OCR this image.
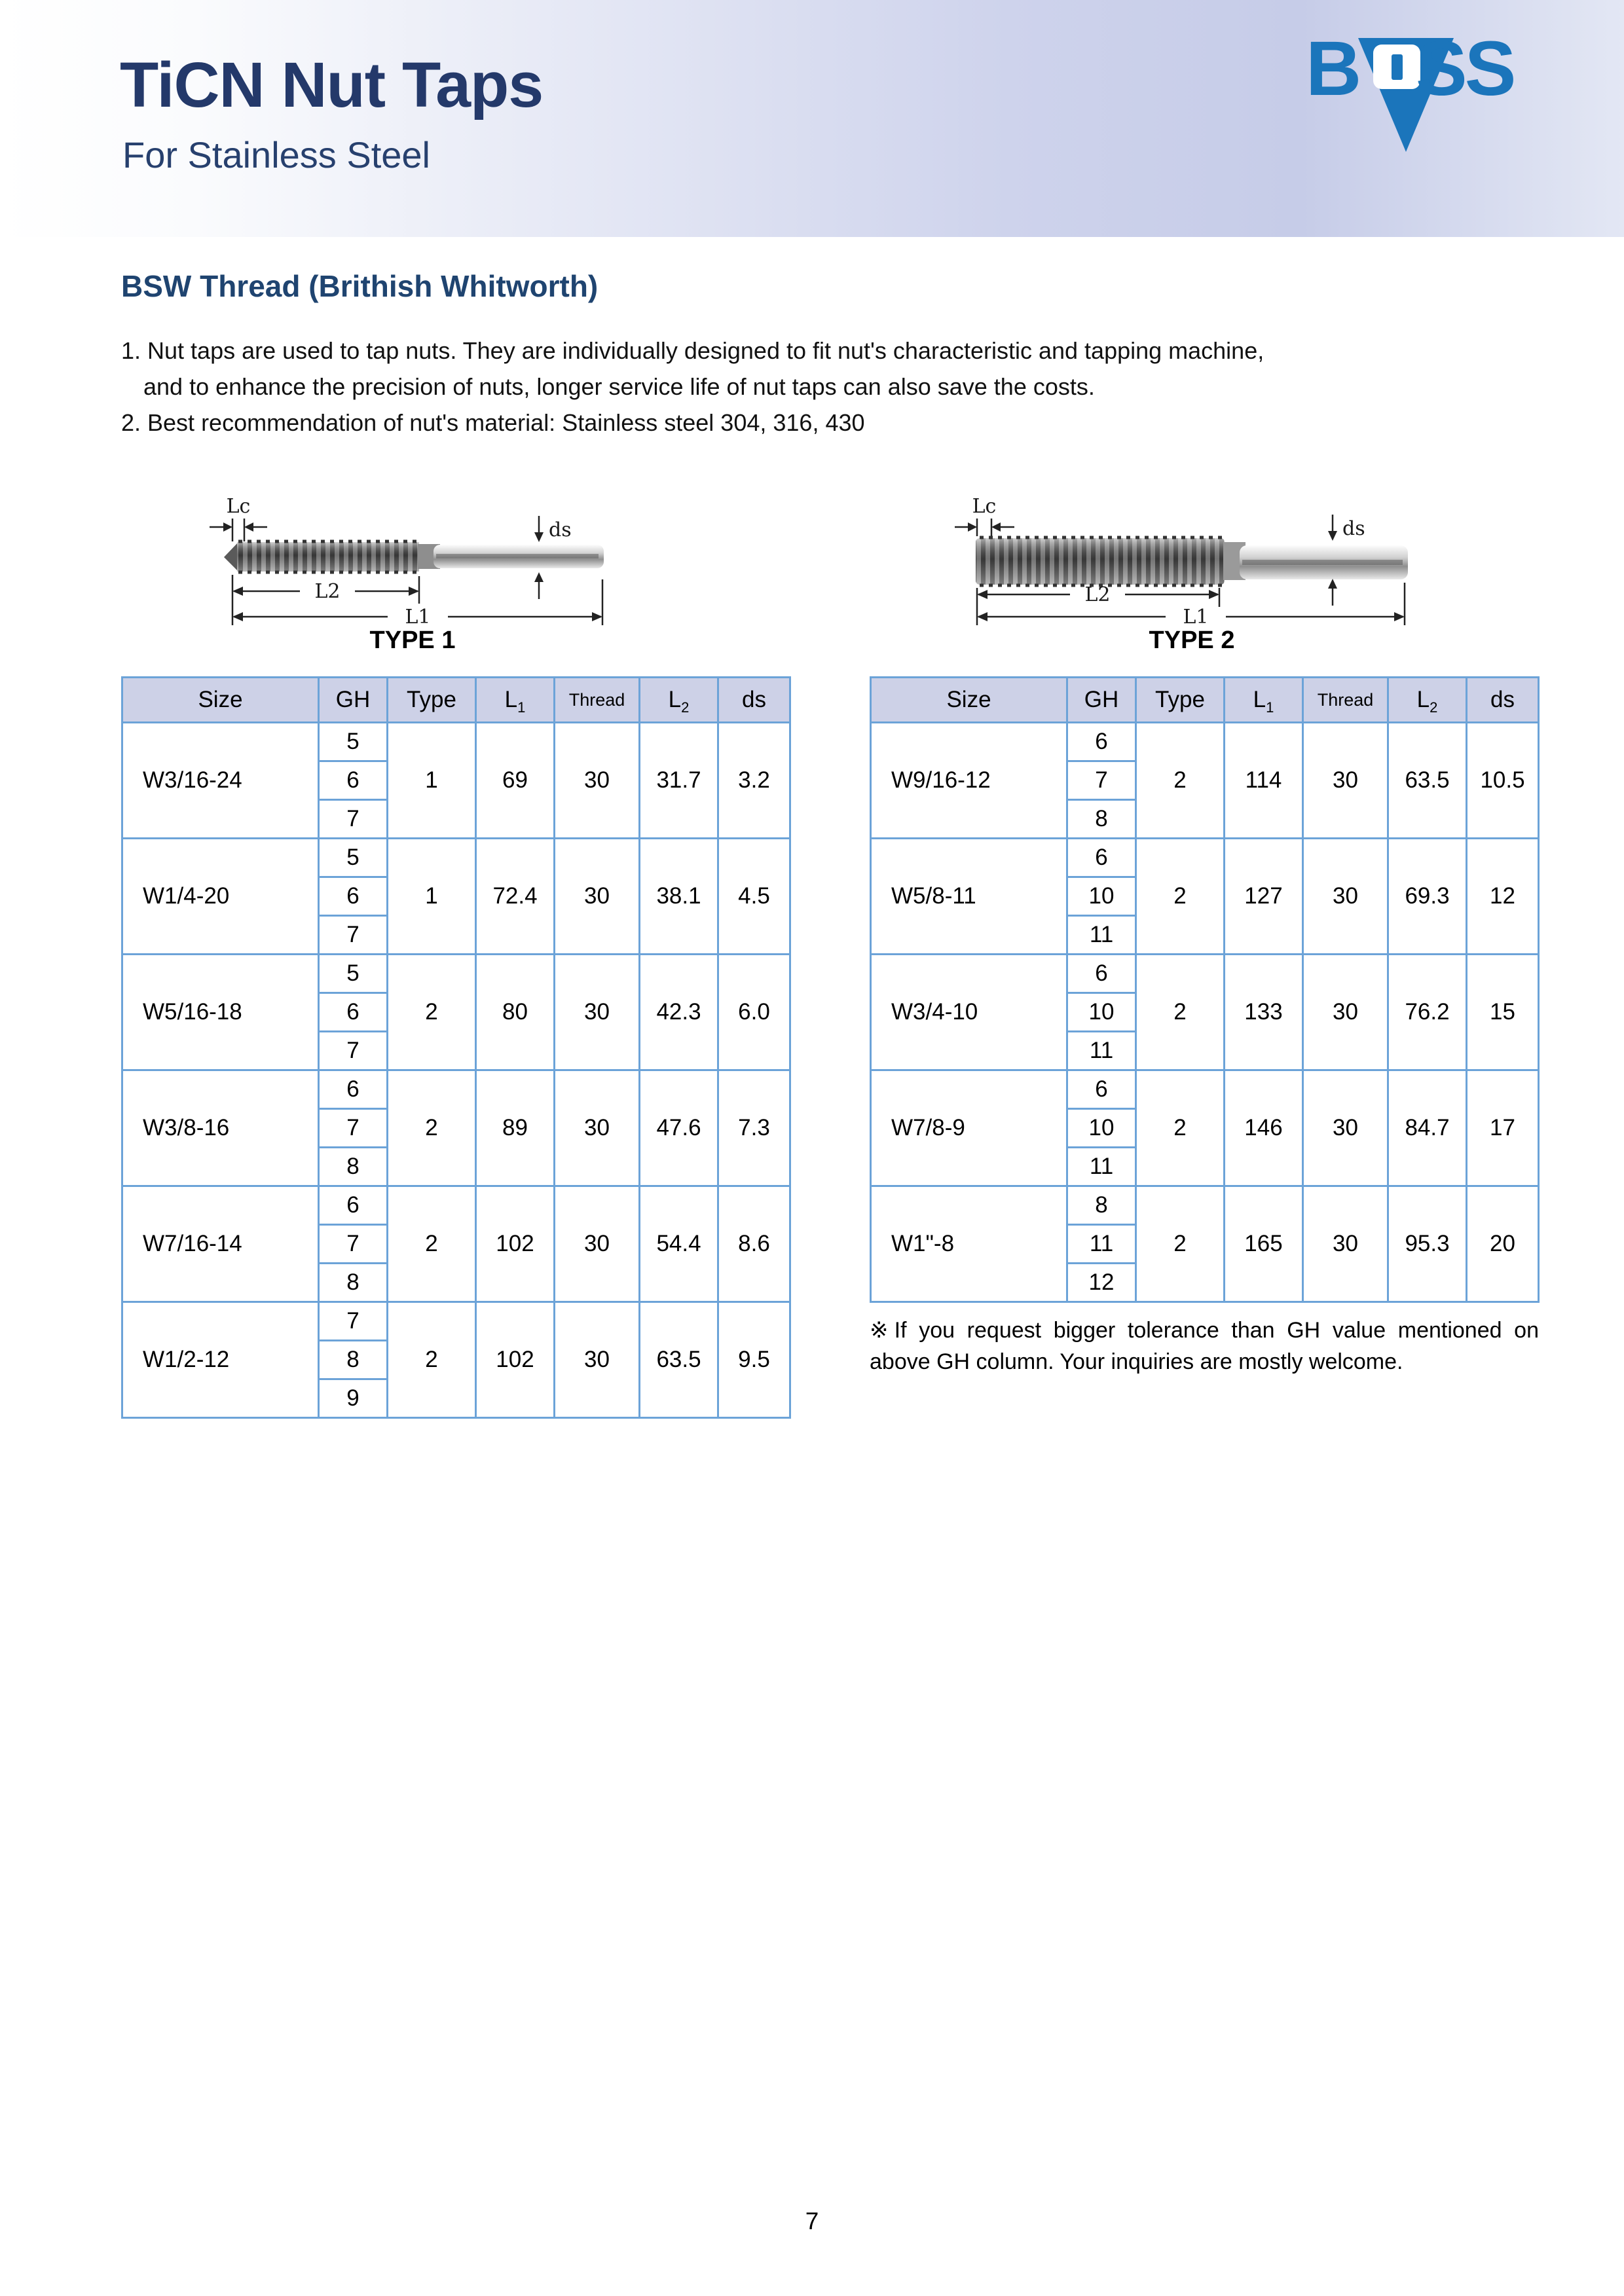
TiCN Nut Taps
For Stainless Steel
B SS
BSW Thread (Brithish Whitworth)
1. Nut taps are used to tap nuts. They are individually designed to fit nut's characteristic and tapping machine,
and to enhance the precision of nuts, longer service life of nut taps can also save the costs.
2. Best recommendation of nut's material: Stainless steel 304, 316, 430
Lc
ds
L2
L1
TYPE 1
Lc
ds
L2
L1
TYPE 2
Size	GH	Type	$L_1$	Thread	$L_2$	ds
W3/16-24	5	1	69	30	31.7	3.2
	6					
	7					
W1/4-20	5	1	72.4	30	38.1	4.5
	6					
	7					
W5/16-18	5	2	80	30	42.3	6.0
	6					
	7					
W3/8-16	6	2	89	30	47.6	7.3
	7					
	8					
W7/16-14	6	2	102	30	54.4	8.6
	7					
	8					
W1/2-12	7	2	102	30	63.5	9.5
	8					
	9					
Size	GH	Type	$L_1$	Thread	$L_2$	ds
W9/16-12	6	2	114	30	63.5	10.5
	7					
	8					
W5/8-11	6	2	127	30	69.3	12
	10					
	11					
W3/4-10	6	2	133	30	76.2	15
	10					
	11					
W7/8-9	6	2	146	30	84.7	17
	10					
	11					
W1"-8	8	2	165	30	95.3	20
	11					
	12					
※If you request bigger tolerance than GH value mentioned on
above GH column. Your inquiries are mostly welcome.
7
